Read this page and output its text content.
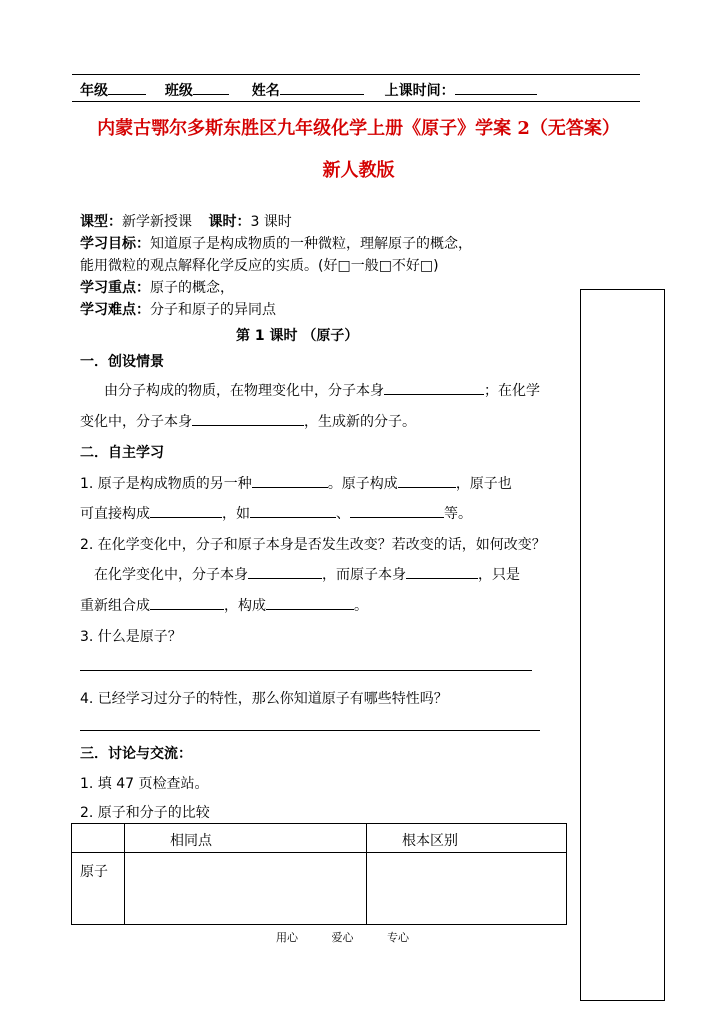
年级	班级	姓名	上课时间：
内蒙古鄂尔多斯东胜区九年级化学上册《原子》学案 2（无答案）
新人教版
课型：新学新授课 课时：3 课时
学习目标：知道原子是构成物质的一种微粒，理解原子的概念，
能用微粒的观点解释化学反应的实质。(好□一般□不好□)
学习重点：原子的概念，
学习难点：分子和原子的异同点
第 1 课时 （原子）
一．创设情景
由分子构成的物质，在物理变化中，分子本身	；在化学
变化中，分子本身	，生成新的分子。
二．自主学习
1. 原子是构成物质的另一种	。原子构成	，原子也
可直接构成	，如	、	等。
2. 在化学变化中，分子和原子本身是否发生改变？若改变的话，如何改变？
在化学变化中，分子本身	，而原子本身	，只是
重新组合成	，构成	。
3. 什么是原子？
4. 已经学习过分子的特性，那么你知道原子有哪些特性吗？
三．讨论与交流：
1. 填 47 页检查站。
2. 原子和分子的比较
	相同点	根本区别
原子		
用心	爱心	专心
